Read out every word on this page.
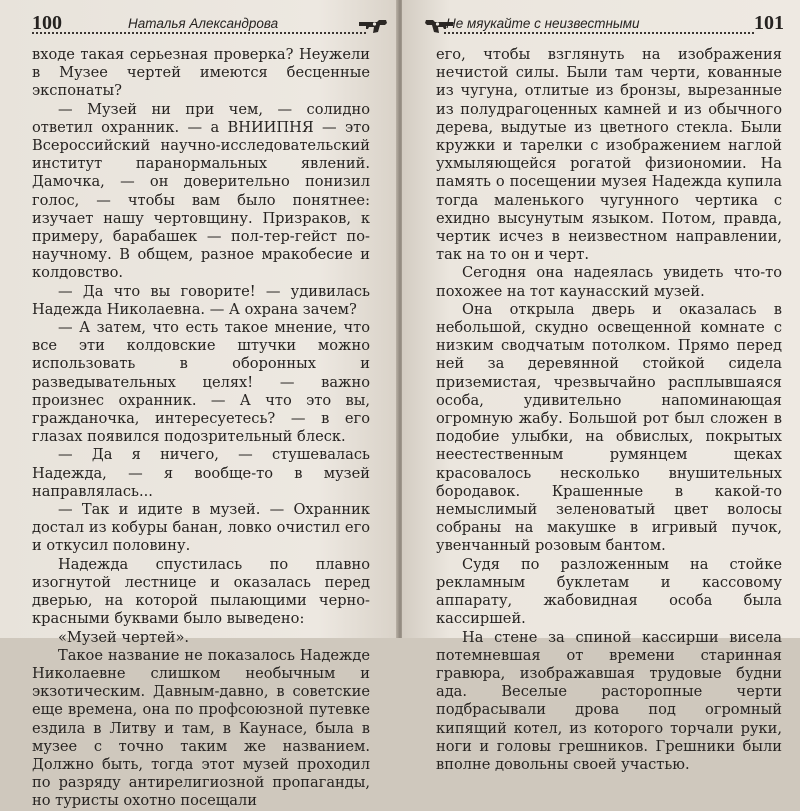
100	Наталья Александрова

входе такая серьезная проверка? Неужели в Музее чертей имеются бесценные экспонаты?

— Музей ни при чем, — солидно ответил охранник. — а ВНИИПНЯ — это Всероссийский научно-исследовательский институт паранормальных явлений. Дамочка, — он доверительно понизил голос, — чтобы вам было понятнее: изучает нашу чертовщину. Призраков, к примеру, барабашек — пол-тер-гейст по-научному. В общем, разное мракобесие и колдовство.

— Да что вы говорите! — удивилась Надежда Николаевна. — А охрана зачем?

— А затем, что есть такое мнение, что все эти колдовские штучки можно использовать в оборонных и разведывательных целях! — важно произнес охранник. — А что это вы, гражданочка, интересуетесь? — в его глазах появился подозрительный блеск.

— Да я ничего, — стушевалась Надежда, — я вообще-то в музей направлялась...

— Так и идите в музей. — Охранник достал из кобуры банан, ловко очистил его и откусил половину.

Надежда спустилась по плавно изогнутой лестнице и оказалась перед дверью, на которой пылающими черно-красными буквами было выведено:

«Музей чертей».

Такое название не показалось Надежде Николаевне слишком необычным и экзотическим. Давным-давно, в советские еще времена, она по профсоюзной путевке ездила в Литву и там, в Каунасе, была в музее с точно таким же названием. Должно быть, тогда этот музей проходил по разряду антирелигиозной пропаганды, но туристы охотно посещали

Не мяукайте с неизвестными	101

его, чтобы взглянуть на изображения нечистой силы. Были там черти, кованные из чугуна, отлитые из бронзы, вырезанные из полудрагоценных камней и из обычного дерева, выдутые из цветного стекла. Были кружки и тарелки с изображением наглой ухмыляющейся рогатой физиономии. На память о посещении музея Надежда купила тогда маленького чугунного чертика с ехидно высунутым языком. Потом, правда, чертик исчез в неизвестном направлении, так на то он и черт.

Сегодня она надеялась увидеть что-то похожее на тот каунасский музей.

Она открыла дверь и оказалась в небольшой, скудно освещенной комнате с низким сводчатым потолком. Прямо перед ней за деревянной стойкой сидела приземистая, чрезвычайно расплывшаяся особа, удивительно напоминающая огромную жабу. Большой рот был сложен в подобие улыбки, на обвислых, покрытых неестественным румянцем щеках красовалось несколько внушительных бородавок. Крашенные в какой-то немыслимый зеленоватый цвет волосы собраны на макушке в игривый пучок, увенчанный розовым бантом.

Судя по разложенным на стойке рекламным буклетам и кассовому аппарату, жабовидная особа была кассиршей.

На стене за спиной кассирши висела потемневшая от времени старинная гравюра, изображавшая трудовые будни ада. Веселые расторопные черти подбрасывали дрова под огромный кипящий котел, из которого торчали руки, ноги и головы грешников. Грешники были вполне довольны своей участью.
